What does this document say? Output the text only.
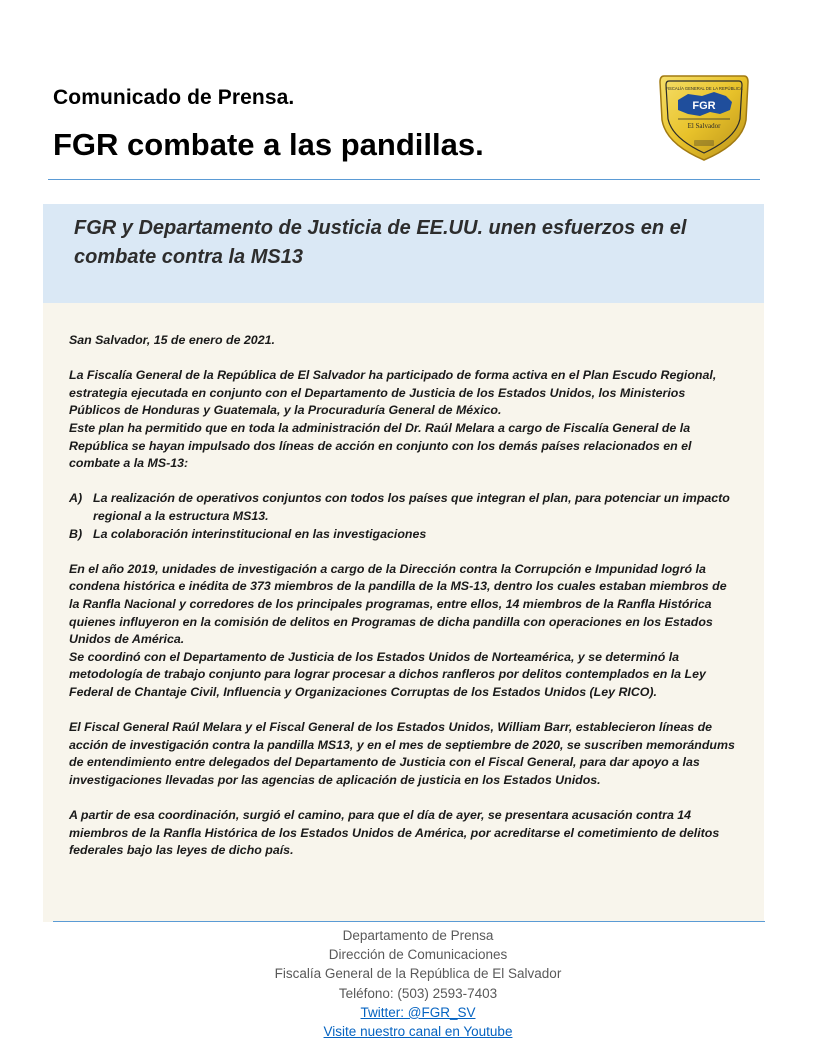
Comunicado de Prensa.
FGR combate a las pandillas.
FISCALÍA GENERAL DE LA REPÚBLICA
FGR
El Salvador
FGR y Departamento de Justicia de EE.UU. unen esfuerzos en el combate contra la MS13

San Salvador, 15 de enero de 2021.

La Fiscalía General de la República de El Salvador ha participado de forma activa en el Plan Escudo Regional, estrategia ejecutada en conjunto con el Departamento de Justicia de los Estados Unidos, los Ministerios Públicos de Honduras y Guatemala, y la Procuraduría General de México.

Este plan ha permitido que en toda la administración del Dr. Raúl Melara a cargo de Fiscalía General de la República se hayan impulsado dos líneas de acción en conjunto con los demás países relacionados en el combate a la MS-13:

A) La realización de operativos conjuntos con todos los países que integran el plan, para potenciar un impacto regional a la estructura MS13.
B) La colaboración interinstitucional en las investigaciones

En el año 2019, unidades de investigación a cargo de la Dirección contra la Corrupción e Impunidad logró la condena histórica e inédita de 373 miembros de la pandilla de la MS-13, dentro los cuales estaban miembros de la Ranfla Nacional y corredores de los principales programas, entre ellos, 14 miembros de la Ranfla Histórica quienes influyeron en la comisión de delitos en Programas de dicha pandilla con operaciones en los Estados Unidos de América.

Se coordinó con el Departamento de Justicia de los Estados Unidos de Norteamérica, y se determinó la metodología de trabajo conjunto para lograr procesar a dichos ranfleros por delitos contemplados en la Ley Federal de Chantaje Civil, Influencia y Organizaciones Corruptas de los Estados Unidos (Ley RICO).

El Fiscal General Raúl Melara y el Fiscal General de los Estados Unidos, William Barr, establecieron líneas de acción de investigación contra la pandilla MS13, y en el mes de septiembre de 2020, se suscriben memorándums de entendimiento entre delegados del Departamento de Justicia con el Fiscal General, para dar apoyo a las investigaciones llevadas por las agencias de aplicación de justicia en los Estados Unidos.

A partir de esa coordinación, surgió el camino, para que el día de ayer, se presentara acusación contra 14 miembros de la Ranfla Histórica de los Estados Unidos de América, por acreditarse el cometimiento de delitos federales bajo las leyes de dicho país.

Departamento de Prensa
Dirección de Comunicaciones
Fiscalía General de la República de El Salvador
Teléfono: (503) 2593-7403
Twitter: @FGR_SV
Visite nuestro canal en Youtube
